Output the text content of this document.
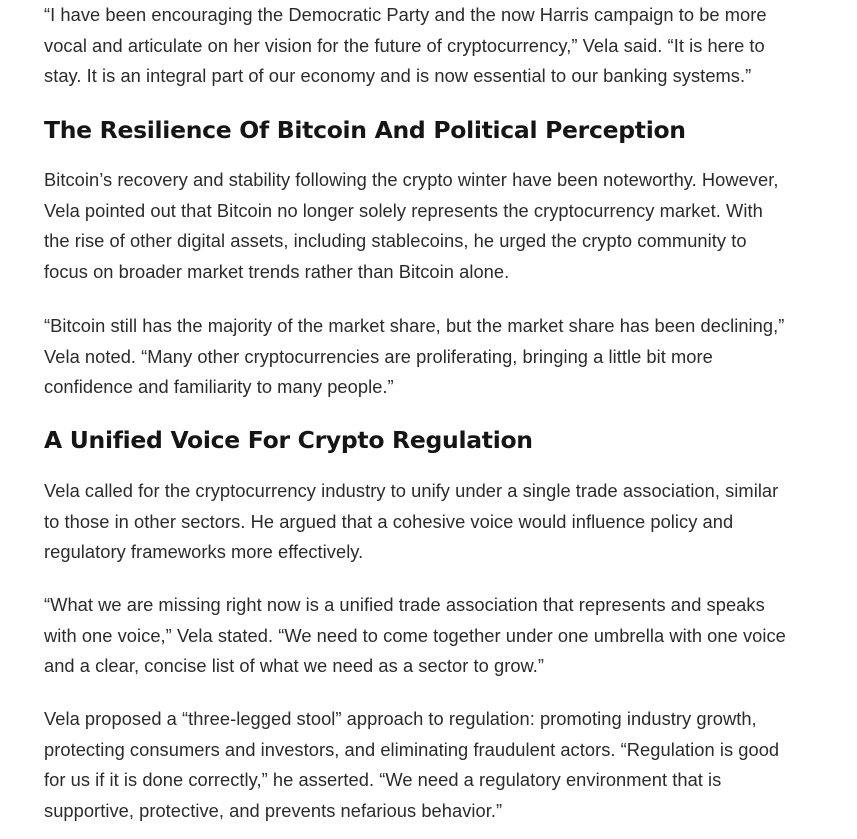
“I have been encouraging the Democratic Party and the now Harris campaign to be more
vocal and articulate on her vision for the future of cryptocurrency,” Vela said. “It is here to
stay. It is an integral part of our economy and is now essential to our banking systems.”

The Resilience Of Bitcoin And Political Perception

Bitcoin’s recovery and stability following the crypto winter have been noteworthy. However,
Vela pointed out that Bitcoin no longer solely represents the cryptocurrency market. With
the rise of other digital assets, including stablecoins, he urged the crypto community to
focus on broader market trends rather than Bitcoin alone.

“Bitcoin still has the majority of the market share, but the market share has been declining,”
Vela noted. “Many other cryptocurrencies are proliferating, bringing a little bit more
confidence and familiarity to many people.”

A Unified Voice For Crypto Regulation

Vela called for the cryptocurrency industry to unify under a single trade association, similar
to those in other sectors. He argued that a cohesive voice would influence policy and
regulatory frameworks more effectively.

“What we are missing right now is a unified trade association that represents and speaks
with one voice,” Vela stated. “We need to come together under one umbrella with one voice
and a clear, concise list of what we need as a sector to grow.”

Vela proposed a “three-legged stool” approach to regulation: promoting industry growth,
protecting consumers and investors, and eliminating fraudulent actors. “Regulation is good
for us if it is done correctly,” he asserted. “We need a regulatory environment that is
supportive, protective, and prevents nefarious behavior.”
